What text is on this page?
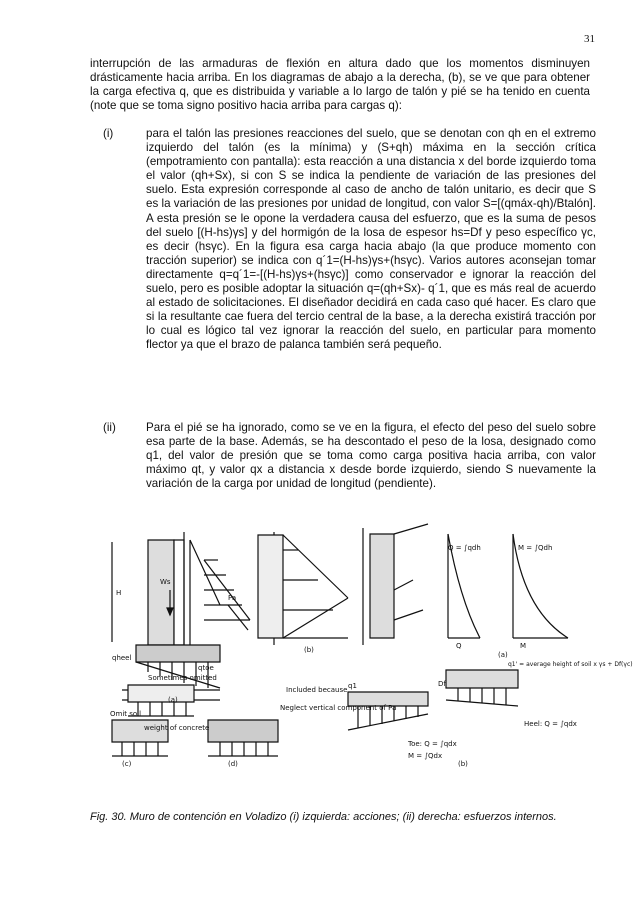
31

interrupción de las armaduras de flexión en altura dado que los momentos disminuyen drásticamente hacia arriba. En los diagramas de abajo a la derecha, (b), se ve que para obtener la carga efectiva q, que es distribuida y variable a lo largo de talón y pié se ha tenido en cuenta (note que se toma signo positivo hacia arriba para cargas q):

(i)	para el talón las presiones reacciones del suelo, que se denotan con qh en el extremo izquierdo del talón (es la mínima) y (S+qh) máxima en la sección crítica (empotramiento con pantalla): esta reacción a una distancia x del borde izquierdo toma el valor (qh+Sx), si con S se indica la pendiente de variación de las presiones del suelo. Esta expresión corresponde al caso de ancho de talón unitario, es decir que S es la variación de las presiones por unidad de longitud, con valor S=[(qmáx-qh)/Btalón]. A esta presión se le opone la verdadera causa del esfuerzo, que es la suma de pesos del suelo [(H-hs)γs] y del hormigón de la losa de espesor hs=Df y peso específico γc, es decir (hsγc). En la figura esa carga hacia abajo (la que produce momento con tracción superior) se indica con q´1=(H-hs)γs+(hsγc). Varios autores aconsejan tomar directamente q=q´1=-[(H-hs)γs+(hsγc)] como conservador e ignorar la reacción del suelo, pero es posible adoptar la situación q=(qh+Sx)- q´1, que es más real de acuerdo al estado de solicitaciones. El diseñador decidirá en cada caso qué hacer. Es claro que si la resultante cae fuera del tercio central de la base, a la derecha existirá tracción por lo cual es lógico tal vez ignorar la reacción del suelo, en particular para momento flector ya que el brazo de palanca también será pequeño.
(ii)	Para el pié se ha ignorado, como se ve en la figura, el efecto del peso del suelo sobre esa parte de la base. Además, se ha descontado el peso de la losa, designado como q1, del valor de presión que se toma como carga positiva hacia arriba, con valor máximo qt, y valor qx a distancia x desde borde izquierdo, siendo S nuevamente la variación de la carga por unidad de longitud (pendiente).
(a)
(b)
(a)
(c)	(d)	(b)
H
Ws
Pa
Q	M
q1
qheel
qtoe
Df
Q = ∫qdh	M = ∫Qdh
Heel: Q = ∫qdx
Toe: Q = ∫qdx
M = ∫Qdx
Sometimes omitted
Included because
Neglect vertical component of Pa
Omit soil
weight of concrete
q1' = average height of soil x γs + Df(γc)
Fig. 30. Muro de contención en Voladizo (i) izquierda: acciones; (ii) derecha: esfuerzos internos.
